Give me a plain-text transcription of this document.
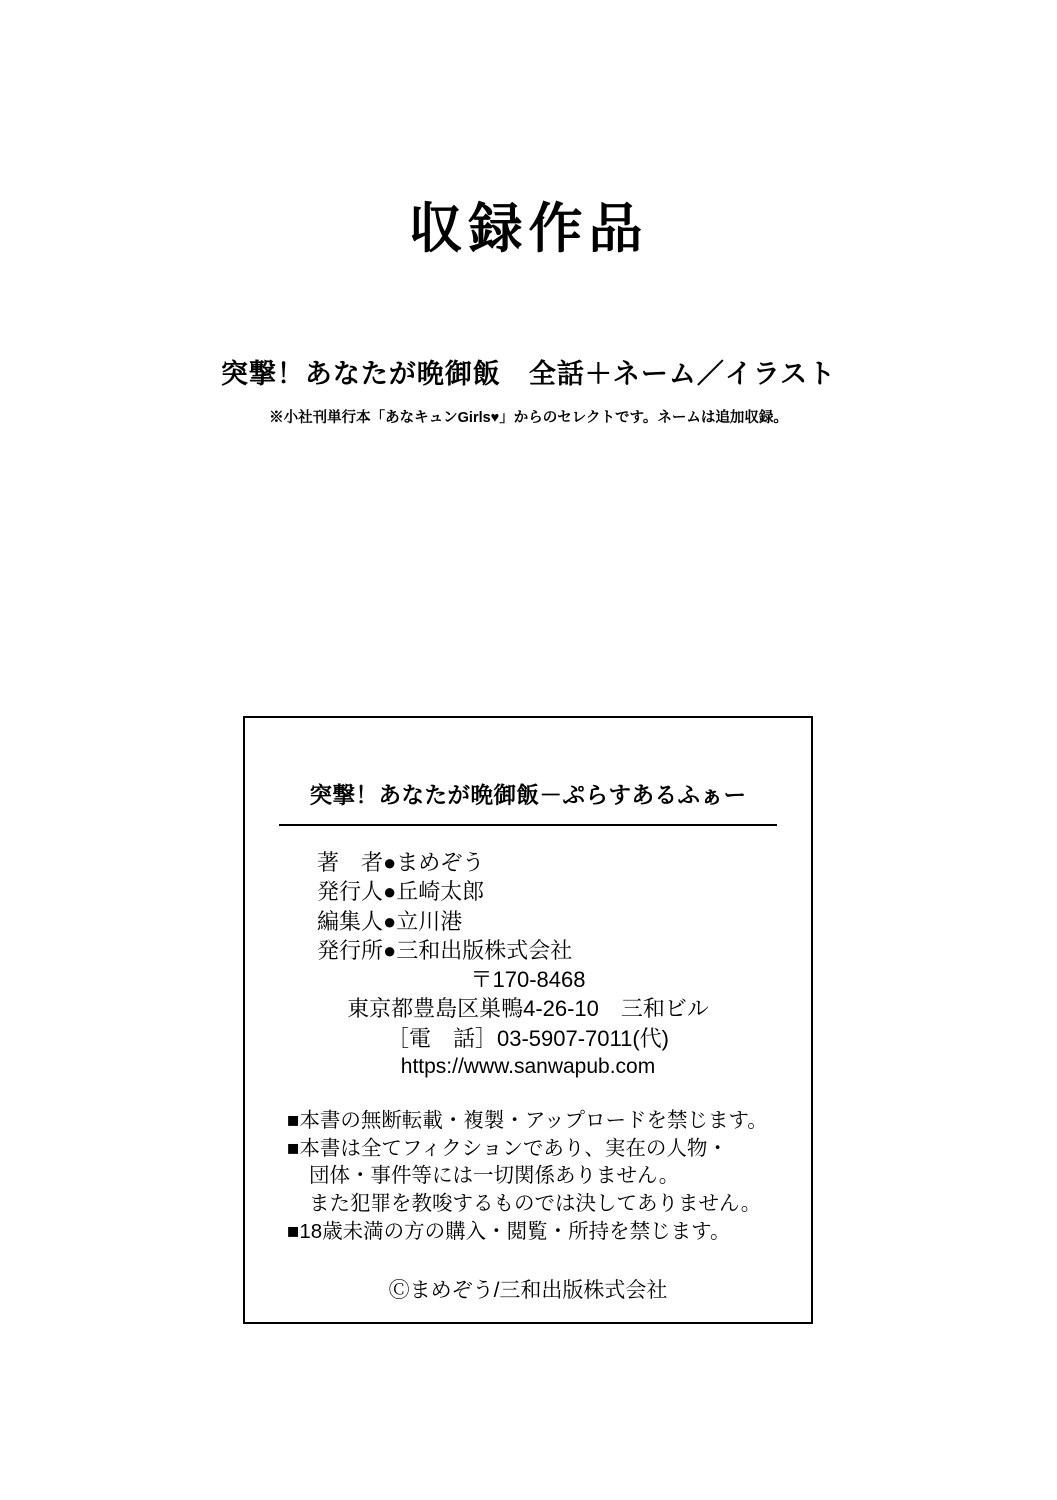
収録作品
突撃！あなたが晩御飯　全話＋ネーム／イラスト
※小社刊単行本「あなキュンGirls♥」からのセレクトです。ネームは追加収録。
突撃！あなたが晩御飯－ぷらすあるふぁー
著　者●まめぞう
発行人●丘崎太郎
編集人●立川港
発行所●三和出版株式会社
〒170-8468
東京都豊島区巣鴨4-26-10　三和ビル
［電　話］03-5907-7011(代)
https://www.sanwapub.com
■本書の無断転載・複製・アップロードを禁じます。
■本書は全てフィクションであり、実在の人物・
団体・事件等には一切関係ありません。
また犯罪を教唆するものでは決してありません。
■18歳未満の方の購入・閲覧・所持を禁じます。
Ⓒまめぞう/三和出版株式会社
